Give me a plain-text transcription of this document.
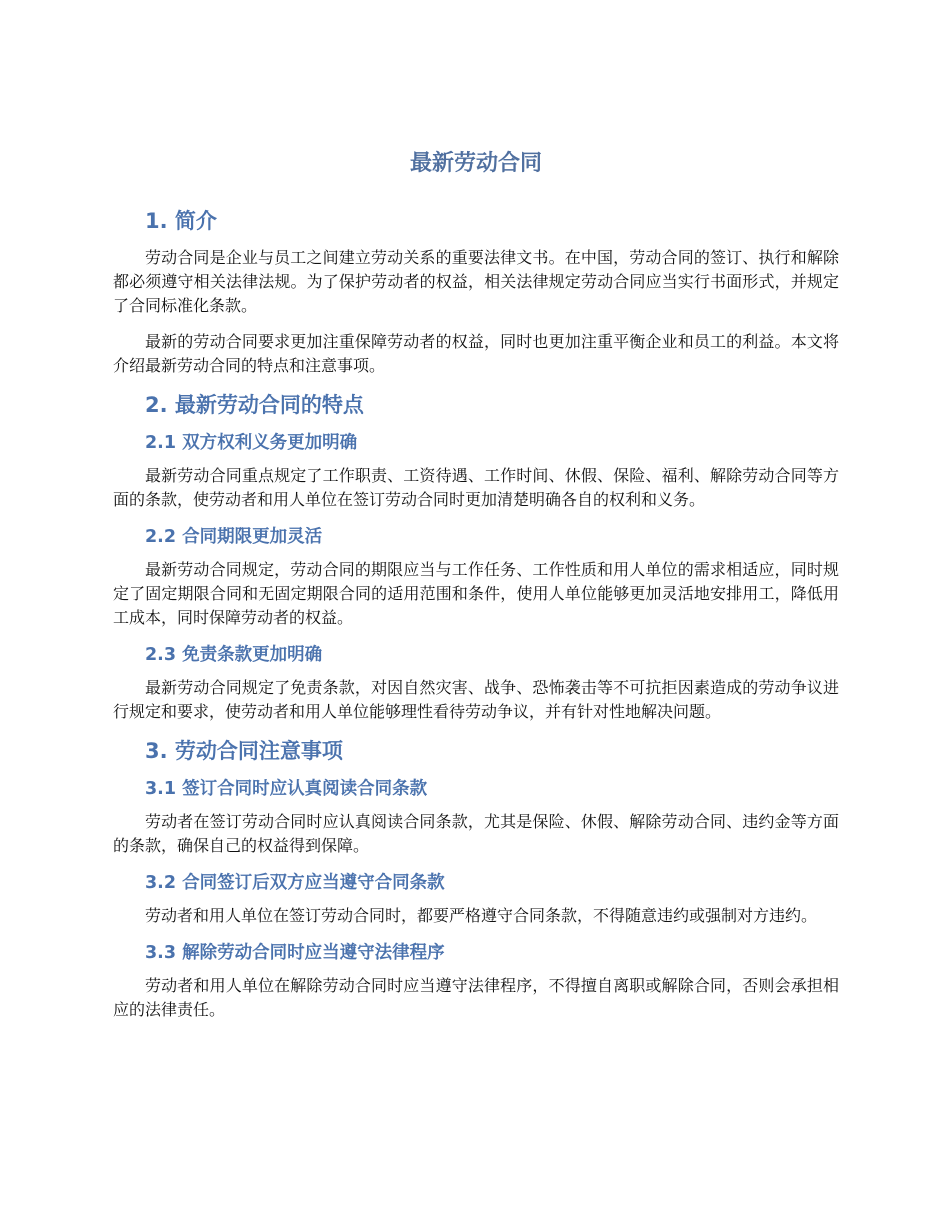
最新劳动合同
1. 简介

劳动合同是企业与员工之间建立劳动关系的重要法律文书。在中国，劳动合同的签订、执行和解除都必须遵守相关法律法规。为了保护劳动者的权益，相关法律规定劳动合同应当实行书面形式，并规定了合同标准化条款。

最新的劳动合同要求更加注重保障劳动者的权益，同时也更加注重平衡企业和员工的利益。本文将介绍最新劳动合同的特点和注意事项。

2. 最新劳动合同的特点
2.1 双方权利义务更加明确

最新劳动合同重点规定了工作职责、工资待遇、工作时间、休假、保险、福利、解除劳动合同等方面的条款，使劳动者和用人单位在签订劳动合同时更加清楚明确各自的权利和义务。

2.2 合同期限更加灵活

最新劳动合同规定，劳动合同的期限应当与工作任务、工作性质和用人单位的需求相适应，同时规定了固定期限合同和无固定期限合同的适用范围和条件，使用人单位能够更加灵活地安排用工，降低用工成本，同时保障劳动者的权益。

2.3 免责条款更加明确

最新劳动合同规定了免责条款，对因自然灾害、战争、恐怖袭击等不可抗拒因素造成的劳动争议进行规定和要求，使劳动者和用人单位能够理性看待劳动争议，并有针对性地解决问题。

3. 劳动合同注意事项
3.1 签订合同时应认真阅读合同条款

劳动者在签订劳动合同时应认真阅读合同条款，尤其是保险、休假、解除劳动合同、违约金等方面的条款，确保自己的权益得到保障。

3.2 合同签订后双方应当遵守合同条款

劳动者和用人单位在签订劳动合同时，都要严格遵守合同条款，不得随意违约或强制对方违约。

3.3 解除劳动合同时应当遵守法律程序

劳动者和用人单位在解除劳动合同时应当遵守法律程序，不得擅自离职或解除合同，否则会承担相应的法律责任。
